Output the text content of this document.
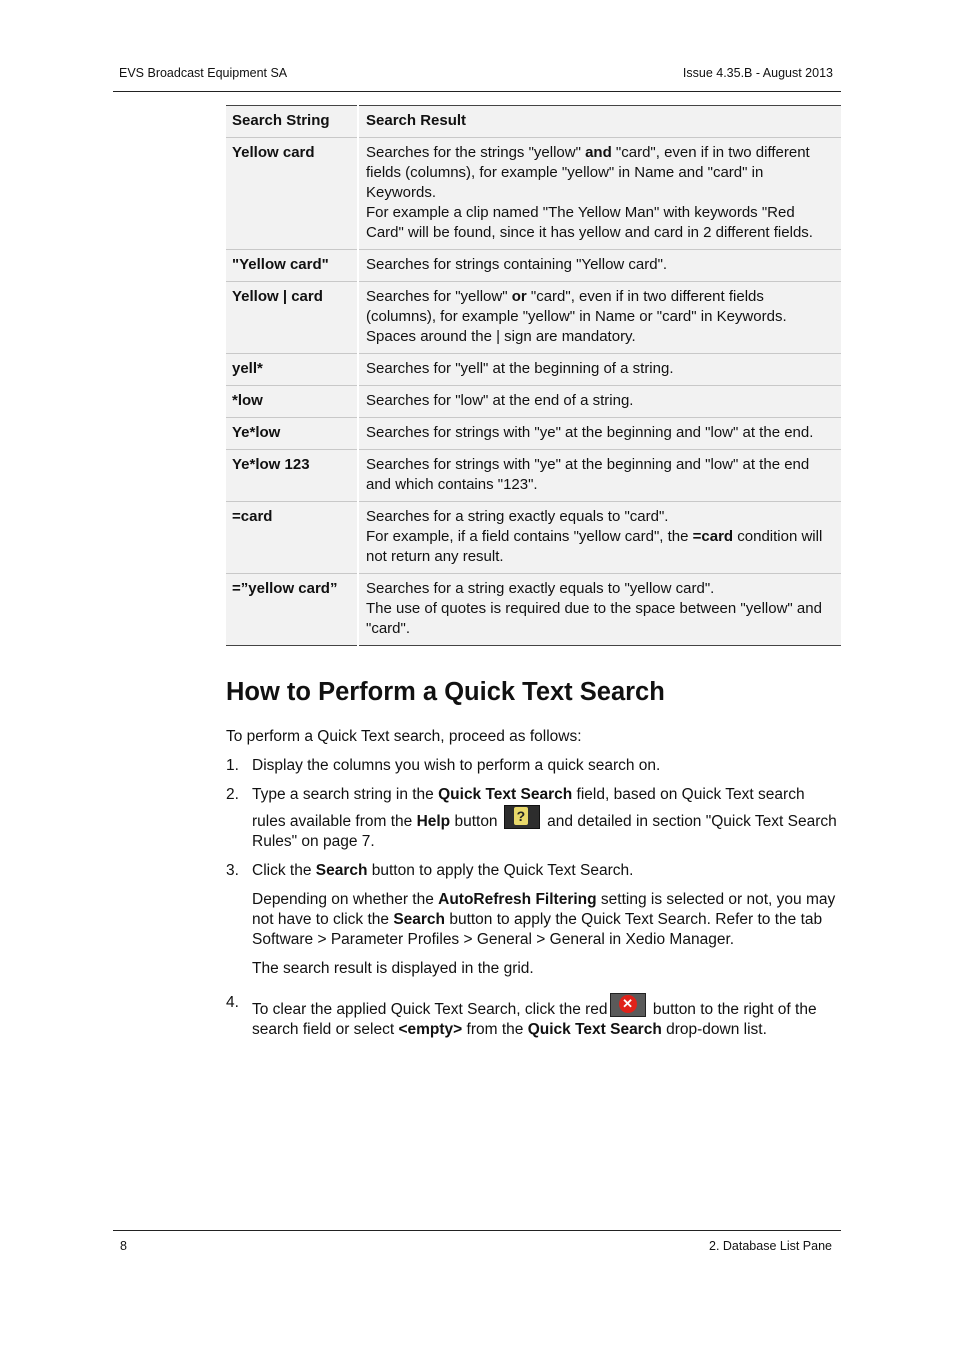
EVS Broadcast Equipment SA	Issue 4.35.B - August 2013
Search String	Search Result
Yellow card	Searches for the strings "yellow" and "card", even if in two different fields (columns), for example "yellow" in Name and "card" in Keywords.
For example a clip named "The Yellow Man" with keywords "Red Card" will be found, since it has yellow and card in 2 different fields.

"Yellow card"	Searches for strings containing "Yellow card".

Yellow | card	Searches for "yellow" or "card", even if in two different fields (columns), for example "yellow" in Name or "card" in Keywords. Spaces around the | sign are mandatory.

yell*	Searches for "yell" at the beginning of a string.

*low	Searches for "low" at the end of a string.

Ye*low	Searches for strings with "ye" at the beginning and "low" at the end.

Ye*low 123	Searches for strings with "ye" at the beginning and "low" at the end and which contains "123".

=card	Searches for a string exactly equals to "card".
For example, if a field contains "yellow card", the =card condition will not return any result.

=”yellow card”	Searches for a string exactly equals to "yellow card".
The use of quotes is required due to the space between "yellow" and "card".
How to Perform a Quick Text Search

To perform a Quick Text search, proceed as follows:

1. Display the columns you wish to perform a quick search on.
2. Type a search string in the Quick Text Search field, based on Quick Text search rules available from the Help button ? and detailed in section "Quick Text Search Rules" on page 7.
3. Click the Search button to apply the Quick Text Search.

Depending on whether the AutoRefresh Filtering setting is selected or not, you may not have to click the Search button to apply the Quick Text Search. Refer to the tab Software > Parameter Profiles > General > General in Xedio Manager.

The search result is displayed in the grid.

4. To clear the applied Quick Text Search, click the red ✕ button to the right of the search field or select <empty> from the Quick Text Search drop-down list.
8	2. Database List Pane
